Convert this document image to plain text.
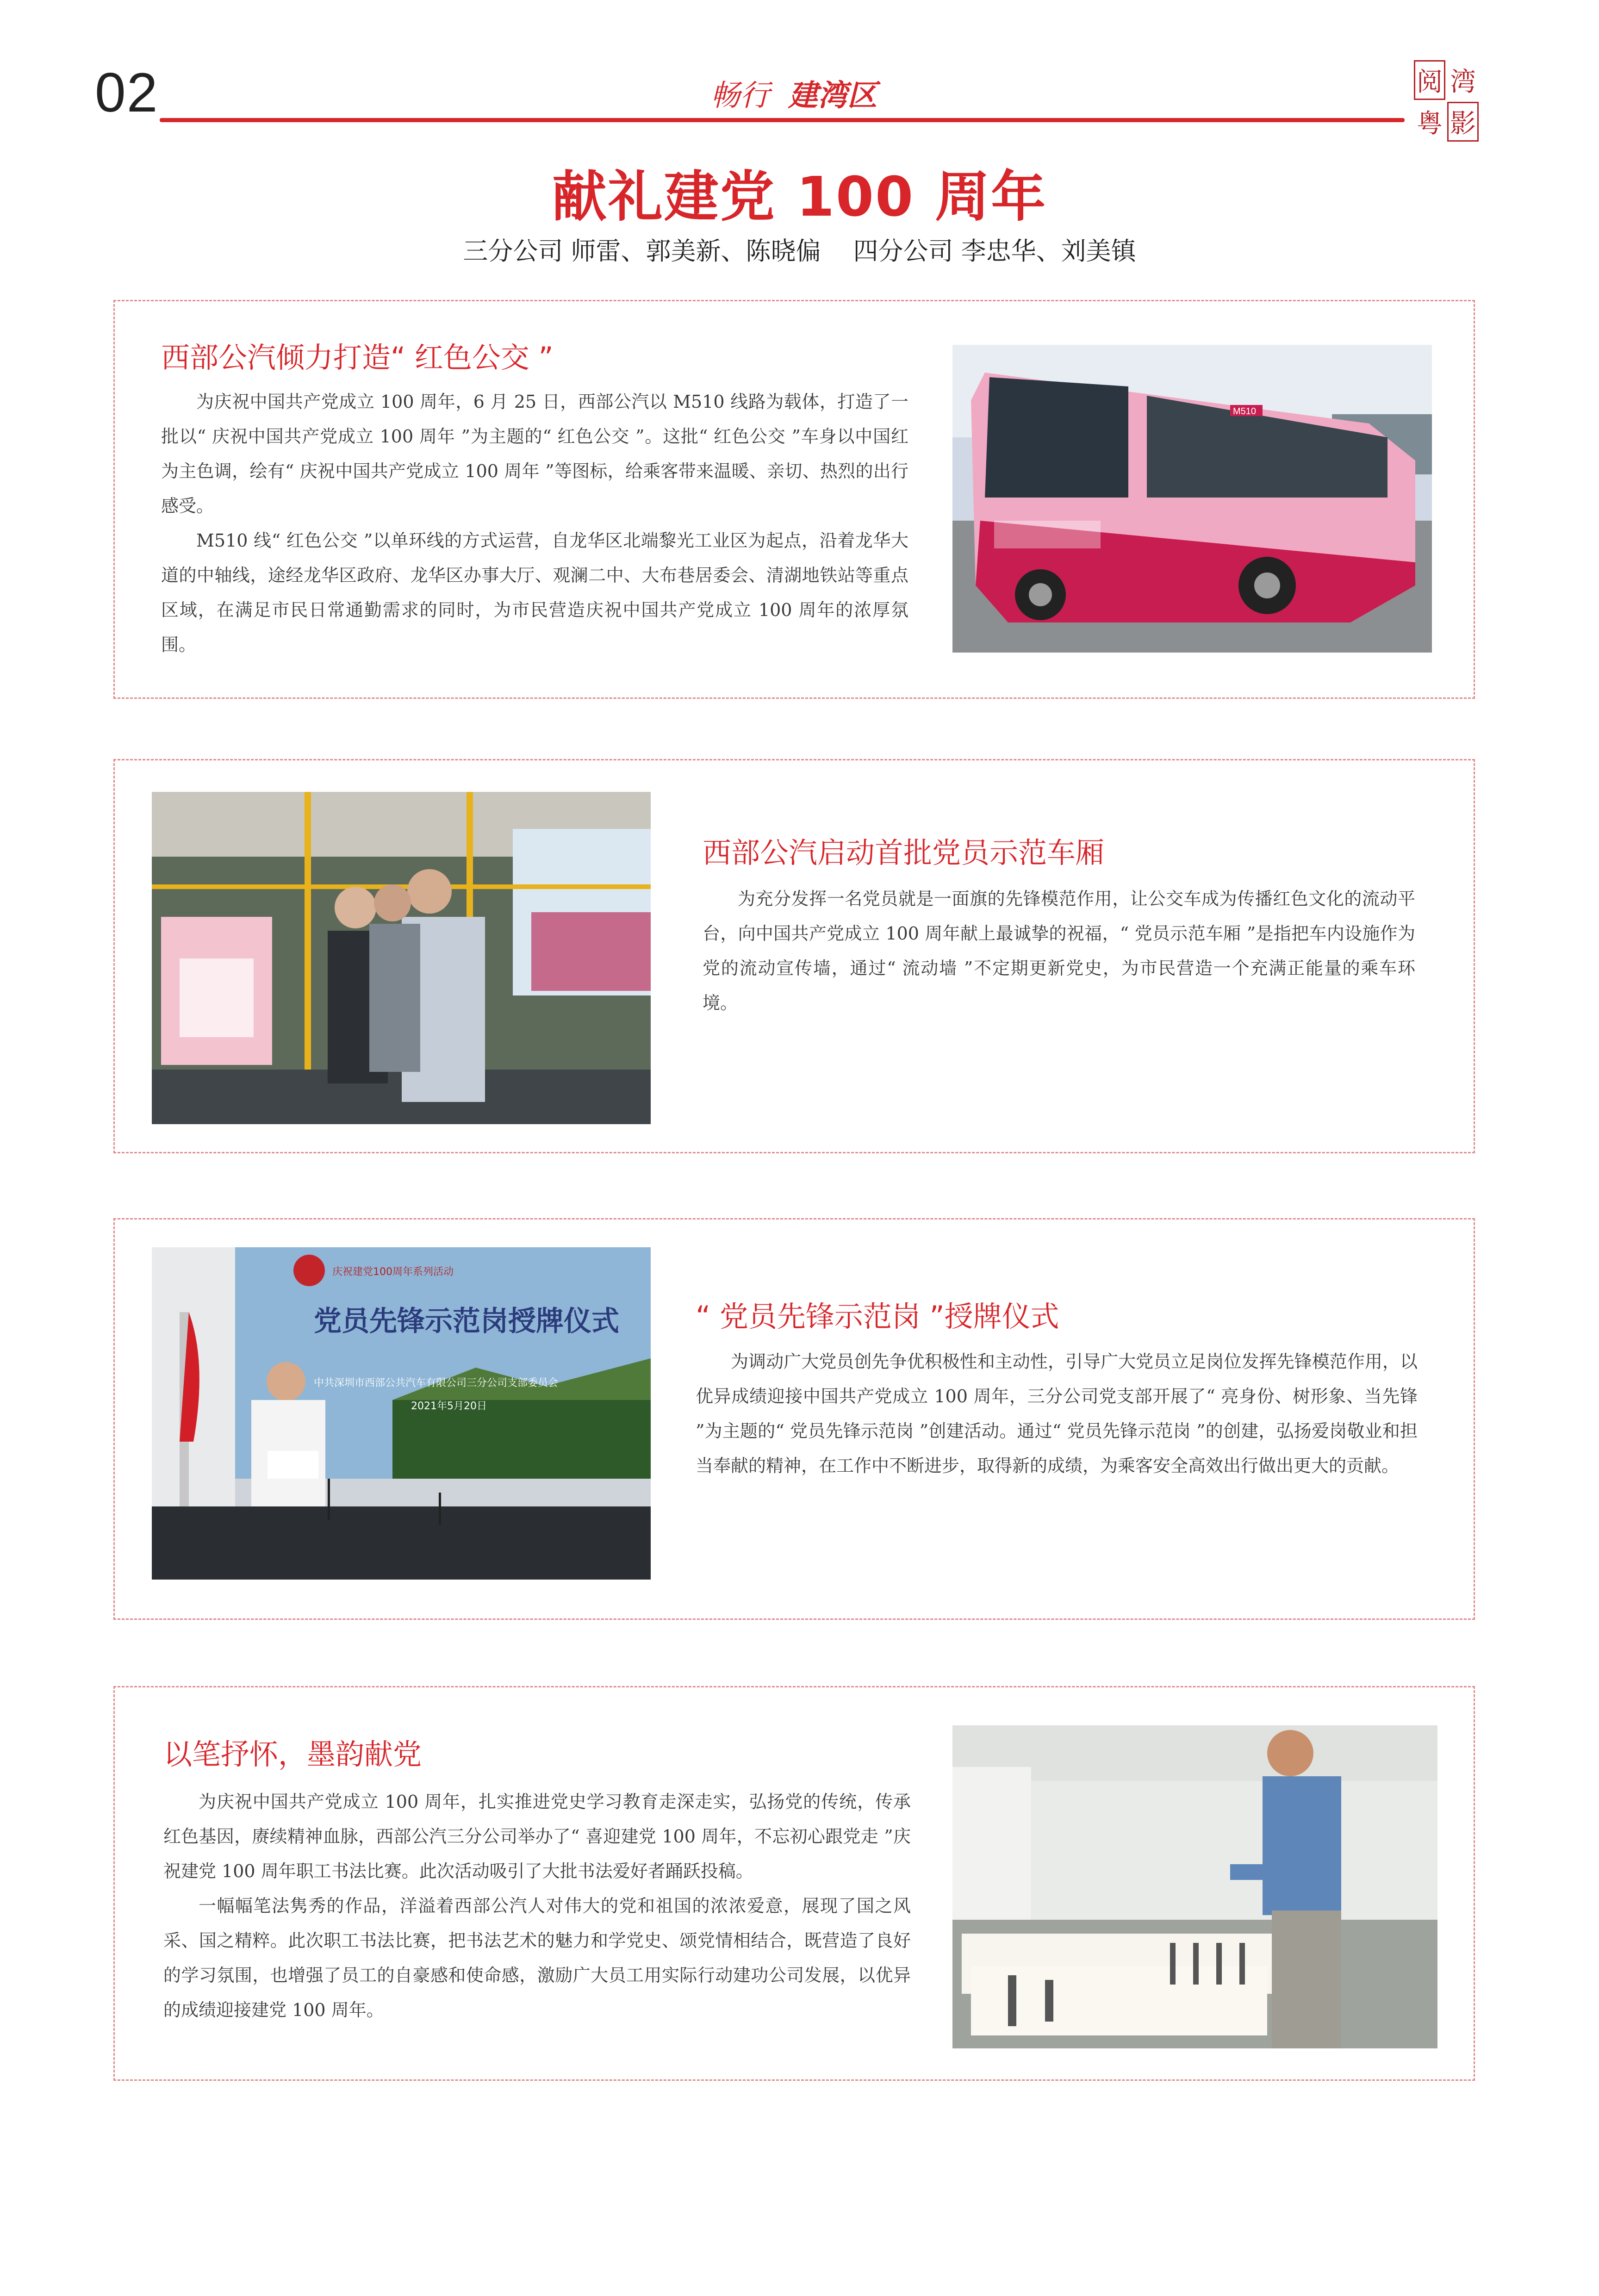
02	畅行 建湾区	阅 湾
粤 影
献礼建党 100 周年
三分公司 师雷、郭美新、陈晓偏 四分公司 李忠华、刘美镇
西部公汽倾力打造“ 红色公交 ”

为庆祝中国共产党成立 100 周年，6 月 25 日，西部公汽以 M510 线路为载体，打造了一批以“ 庆祝中国共产党成立 100 周年 ”为主题的“ 红色公交 ”。这批“ 红色公交 ”车身以中国红为主色调，绘有“ 庆祝中国共产党成立 100 周年 ”等图标，给乘客带来温暖、亲切、热烈的出行感受。

M510 线“ 红色公交 ”以单环线的方式运营，自龙华区北端黎光工业区为起点，沿着龙华大道的中轴线，途经龙华区政府、龙华区办事大厅、观澜二中、大布巷居委会、清湖地铁站等重点区域，在满足市民日常通勤需求的同时，为市民营造庆祝中国共产党成立 100 周年的浓厚氛围。

M510
西部公汽启动首批党员示范车厢

为充分发挥一名党员就是一面旗的先锋模范作用，让公交车成为传播红色文化的流动平台，向中国共产党成立 100 周年献上最诚挚的祝福，“ 党员示范车厢 ”是指把车内设施作为党的流动宣传墙，通过“ 流动墙 ”不定期更新党史，为市民营造一个充满正能量的乘车环境。

庆祝建党100周年系列活动
党员先锋示范岗授牌仪式
中共深圳市西部公共汽车有限公司三分公司支部委员会
2021年5月20日
“ 党员先锋示范岗 ”授牌仪式

为调动广大党员创先争优积极性和主动性，引导广大党员立足岗位发挥先锋模范作用，以优异成绩迎接中国共产党成立 100 周年，三分公司党支部开展了“ 亮身份、树形象、当先锋 ”为主题的“ 党员先锋示范岗 ”创建活动。通过“ 党员先锋示范岗 ”的创建，弘扬爱岗敬业和担当奉献的精神，在工作中不断进步，取得新的成绩，为乘客安全高效出行做出更大的贡献。

以笔抒怀，墨韵献党

为庆祝中国共产党成立 100 周年，扎实推进党史学习教育走深走实，弘扬党的传统，传承红色基因，赓续精神血脉，西部公汽三分公司举办了“ 喜迎建党 100 周年，不忘初心跟党走 ”庆祝建党 100 周年职工书法比赛。此次活动吸引了大批书法爱好者踊跃投稿。

一幅幅笔法隽秀的作品，洋溢着西部公汽人对伟大的党和祖国的浓浓爱意，展现了国之风采、国之精粹。此次职工书法比赛，把书法艺术的魅力和学党史、颂党情相结合，既营造了良好的学习氛围，也增强了员工的自豪感和使命感，激励广大员工用实际行动建功公司发展，以优异的成绩迎接建党 100 周年。
